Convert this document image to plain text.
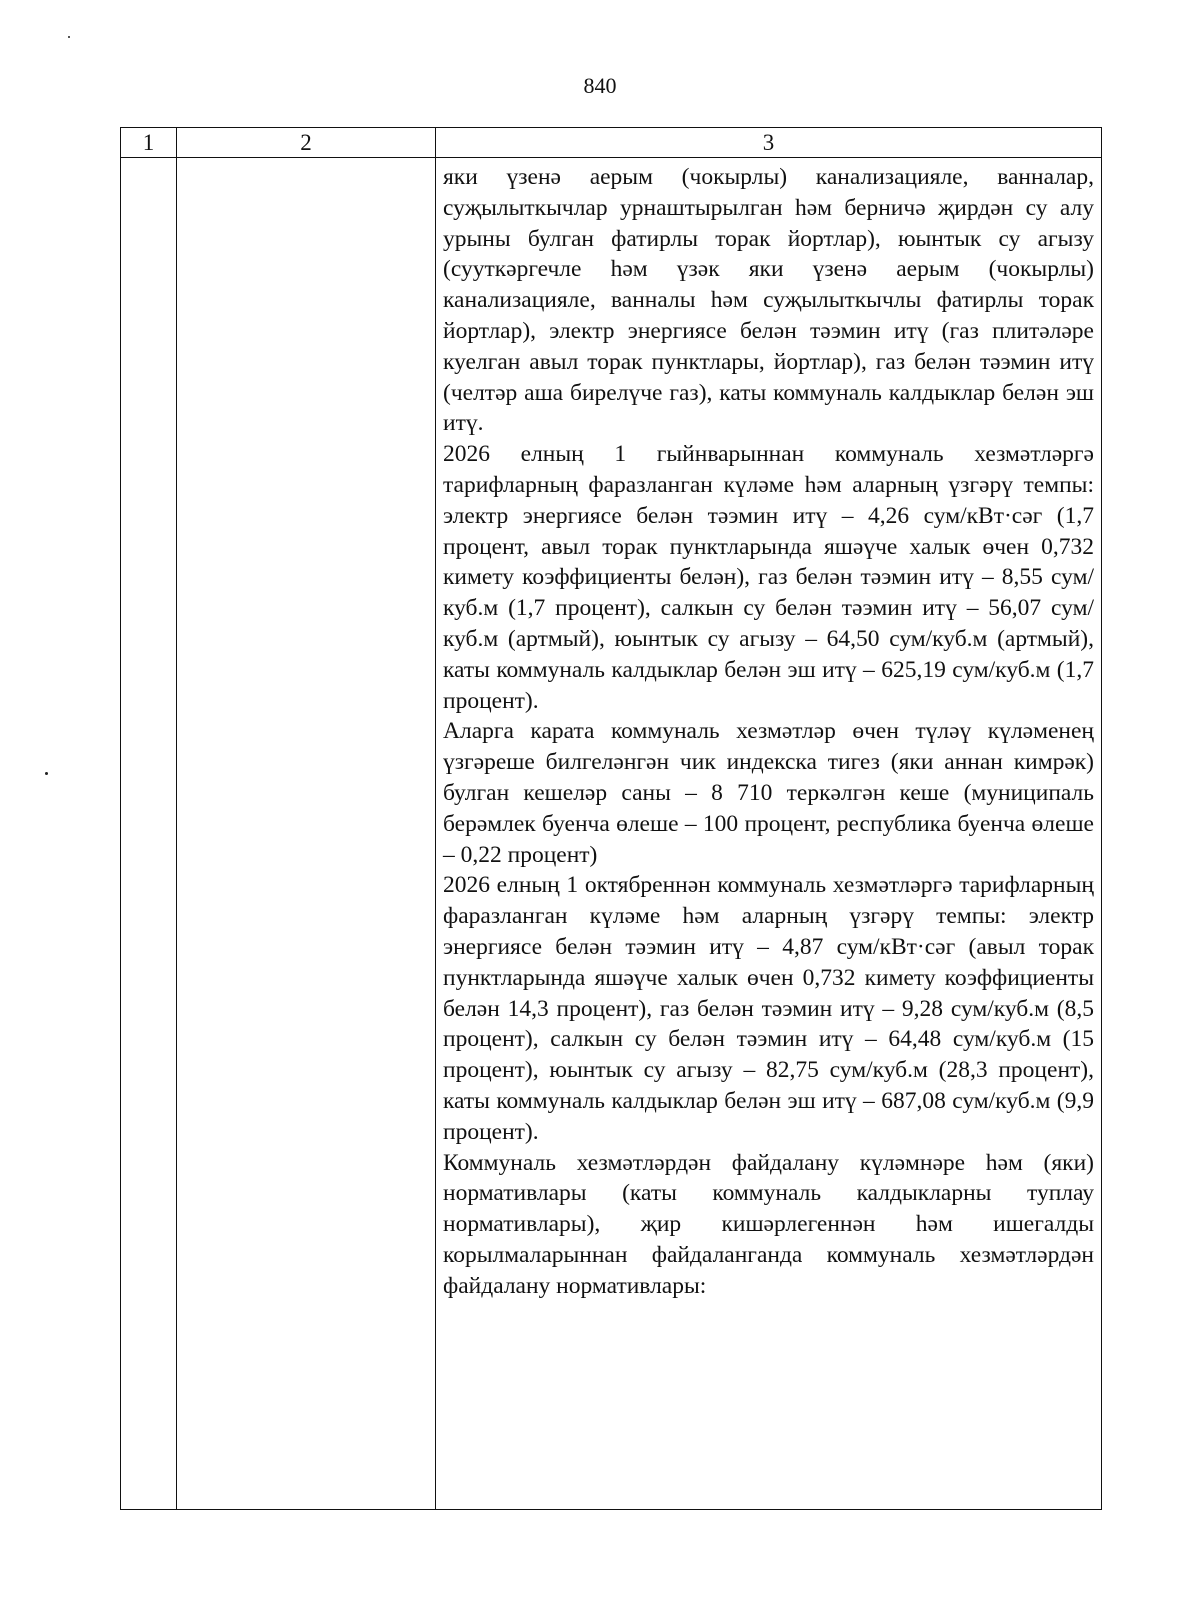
840
1	2	3

		яки үзенә аерым (чокырлы) канализацияле, ванналар, суҗылыткычлар урнаштырылган һәм берничә җирдән су алу урыны булган фатирлы торак йортлар), юынтык су агызу (сууткәргечле һәм үзәк яки үзенә аерым (чокырлы) канализацияле, ванналы һәм суҗылыткычлы фатирлы торак йортлар), электр энергиясе белән тәэмин итү (газ плитәләре куелган авыл торак пунктлары, йортлар), газ белән тәэмин итү (челтәр аша бирелүче газ), каты коммуналь калдыклар белән эш итү.

2026 елның 1 гыйнварыннан коммуналь хезмәтләргә тарифларның фаразланган күләме һәм аларның үзгәрү темпы: электр энергиясе белән тәэмин итү – 4,26 сум/кВт·сәг (1,7 процент, авыл торак пунктларында яшәүче халык өчен 0,732 кимету коэффициенты белән), газ белән тәэмин итү – 8,55 сум/куб.м (1,7 процент), салкын су белән тәэмин итү – 56,07 сум/куб.м (артмый), юынтык су агызу – 64,50 сум/куб.м (артмый), каты коммуналь калдыклар белән эш итү – 625,19 сум/куб.м (1,7 процент).

Аларга карата коммуналь хезмәтләр өчен түләү күләменең үзгәреше билгеләнгән чик индекска тигез (яки аннан кимрәк) булган кешеләр саны – 8 710 теркәлгән кеше (муниципаль берәмлек буенча өлеше – 100 процент, республика буенча өлеше – 0,22 процент)

2026 елның 1 октябреннән коммуналь хезмәтләргә тарифларның фаразланган күләме һәм аларның үзгәрү темпы: электр энергиясе белән тәэмин итү – 4,87 сум/кВт·сәг (авыл торак пунктларында яшәүче халык өчен 0,732 кимету коэффициенты белән 14,3 процент), газ белән тәэмин итү – 9,28 сум/куб.м (8,5 процент), салкын су белән тәэмин итү – 64,48 сум/куб.м (15 процент), юынтык су агызу – 82,75 сум/куб.м (28,3 процент), каты коммуналь калдыклар белән эш итү – 687,08 сум/куб.м (9,9 процент).

Коммуналь хезмәтләрдән файдалану күләмнәре һәм (яки) нормативлары (каты коммуналь калдыкларны туплау нормативлары), җир кишәрлегеннән һәм ишегалды корылмаларыннан файдаланганда коммуналь хезмәтләрдән файдалану нормативлары:
